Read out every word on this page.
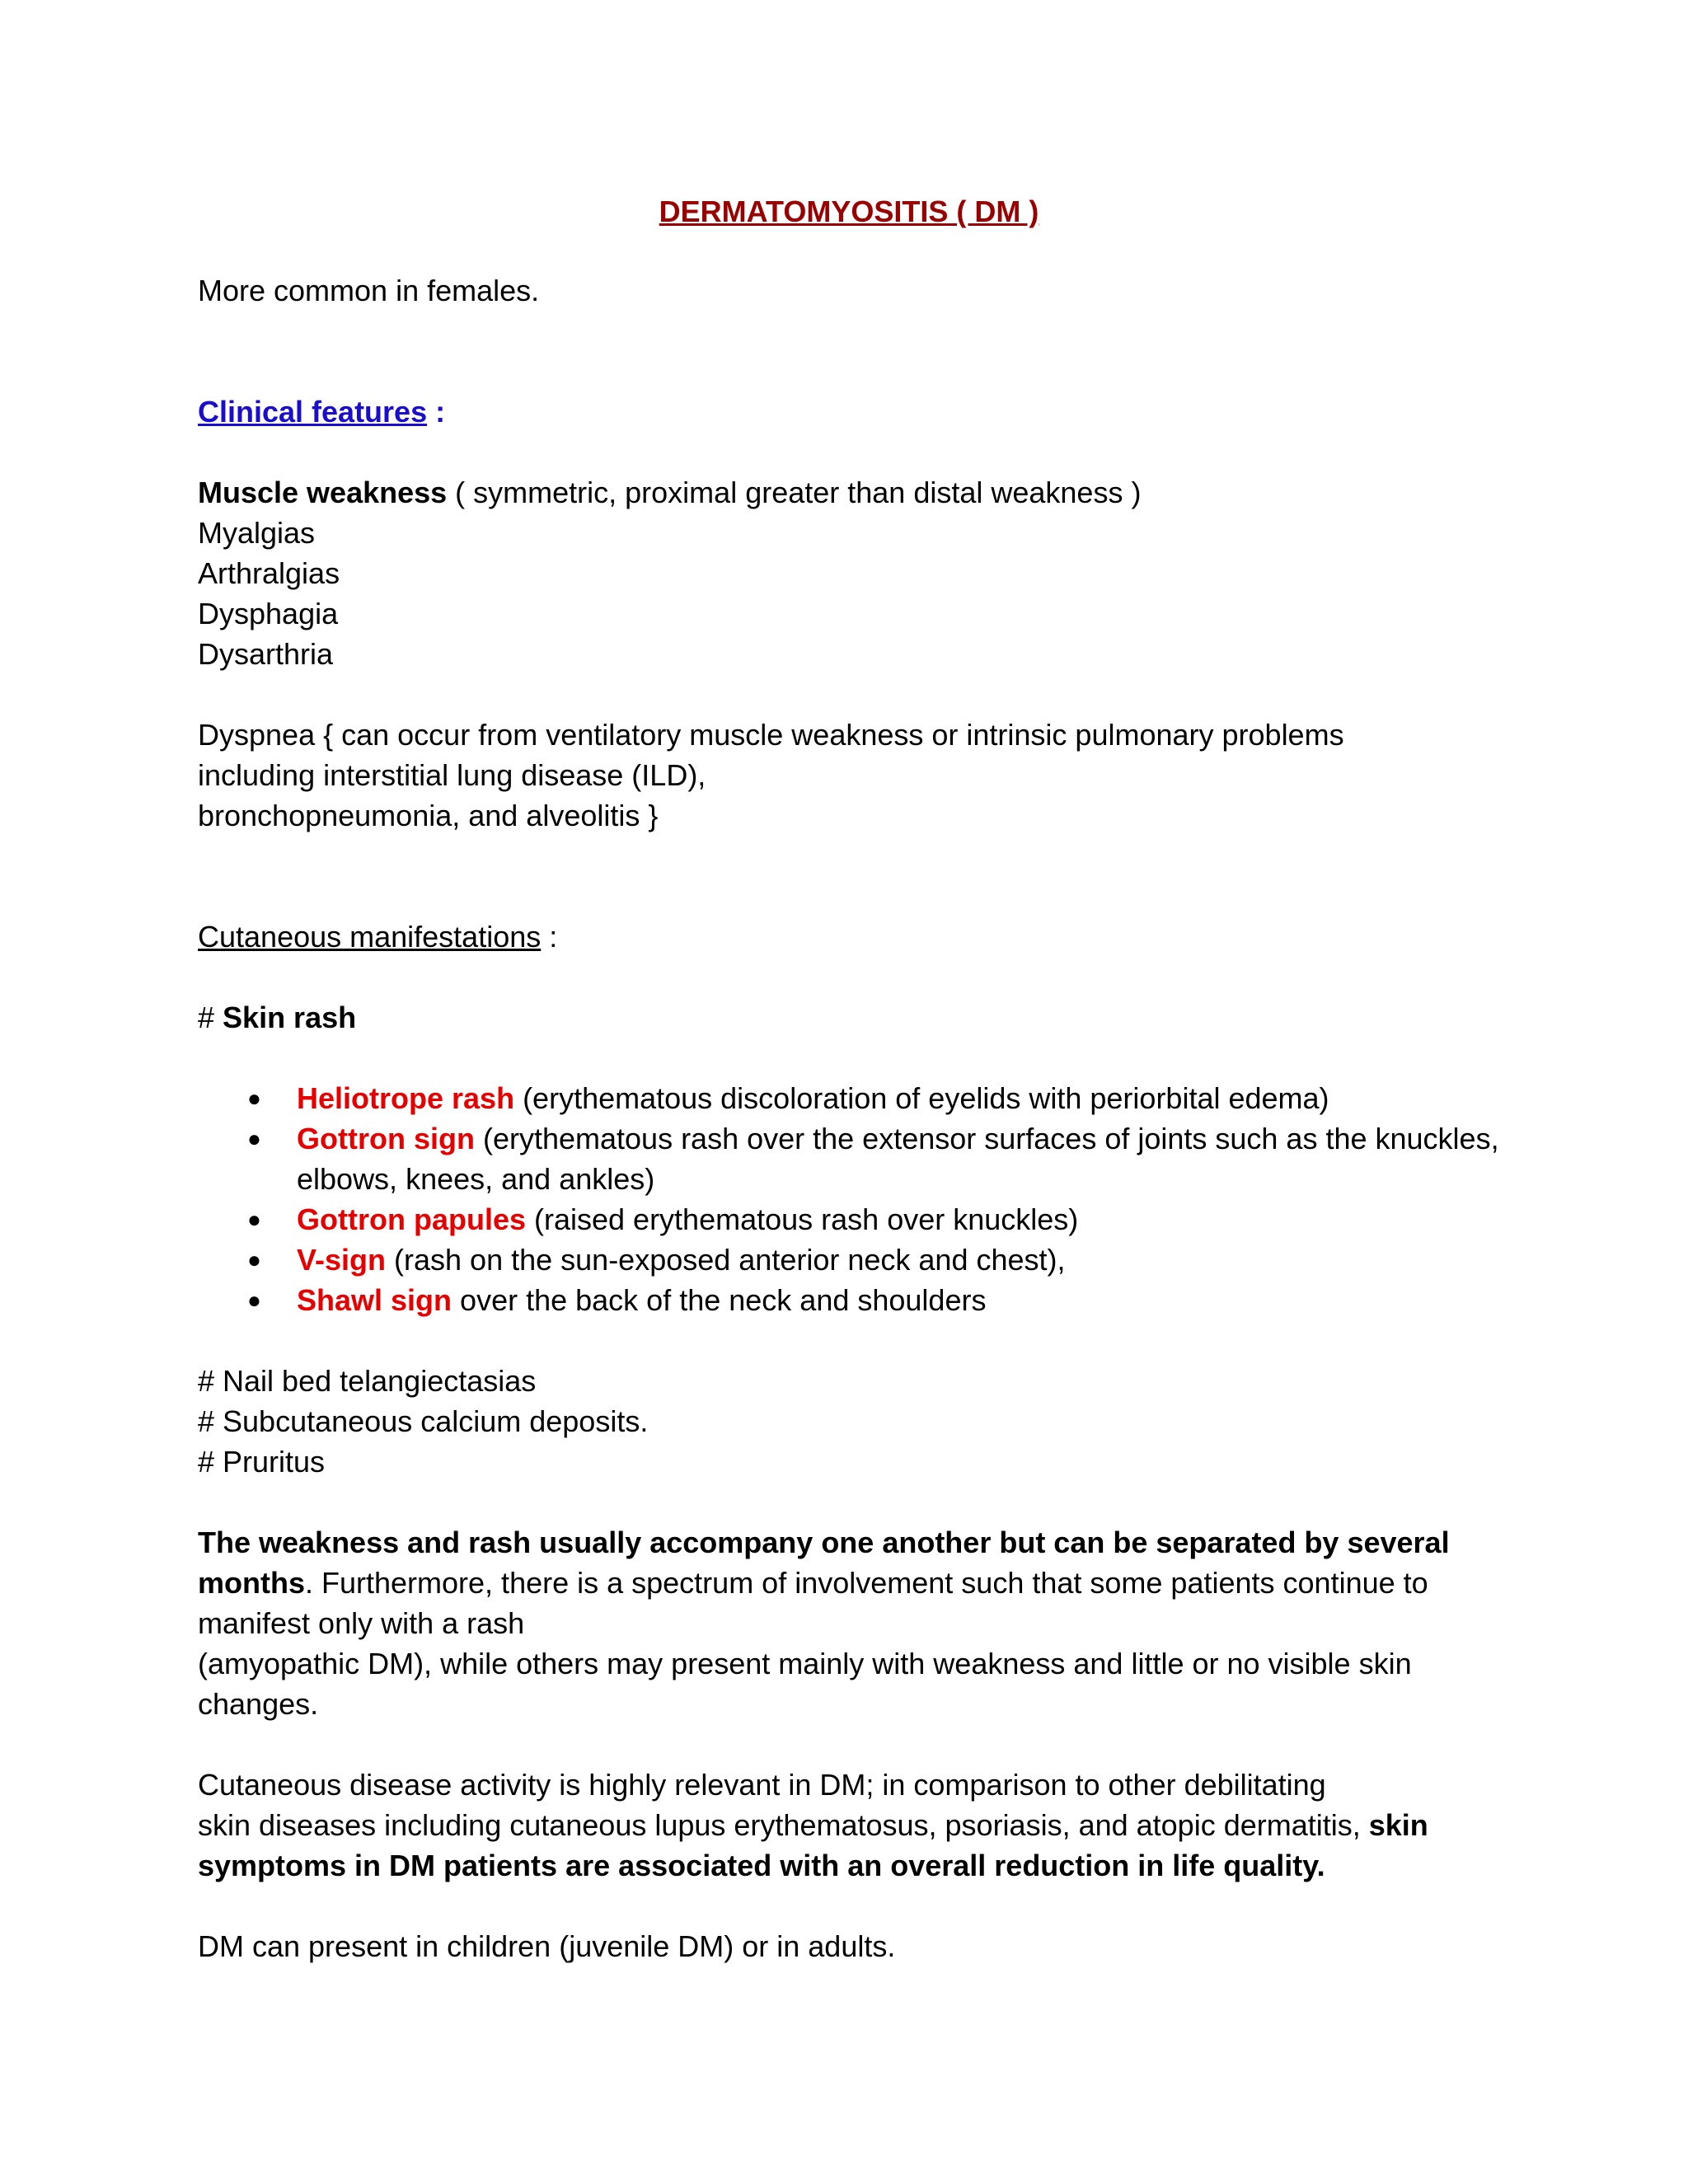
DERMATOMYOSITIS ( DM )

More common in females.

Clinical features :

Muscle weakness ( symmetric, proximal greater than distal weakness )

Myalgias

Arthralgias

Dysphagia

Dysarthria

Dyspnea { can occur from ventilatory muscle weakness or intrinsic pulmonary problems

including interstitial lung disease (ILD),

bronchopneumonia, and alveolitis }

Cutaneous manifestations :

# Skin rash

● Heliotrope rash (erythematous discoloration of eyelids with periorbital edema)
● Gottron sign (erythematous rash over the extensor surfaces of joints such as the knuckles, elbows, knees, and ankles)
● Gottron papules (raised erythematous rash over knuckles)
● V-sign (rash on the sun-exposed anterior neck and chest),
● Shawl sign over the back of the neck and shoulders

# Nail bed telangiectasias

# Subcutaneous calcium deposits.

# Pruritus

The weakness and rash usually accompany one another but can be separated by several

months. Furthermore, there is a spectrum of involvement such that some patients continue to

manifest only with a rash

(amyopathic DM), while others may present mainly with weakness and little or no visible skin

changes.

Cutaneous disease activity is highly relevant in DM; in comparison to other debilitating

skin diseases including cutaneous lupus erythematosus, psoriasis, and atopic dermatitis, skin

symptoms in DM patients are associated with an overall reduction in life quality.

DM can present in children (juvenile DM) or in adults.
